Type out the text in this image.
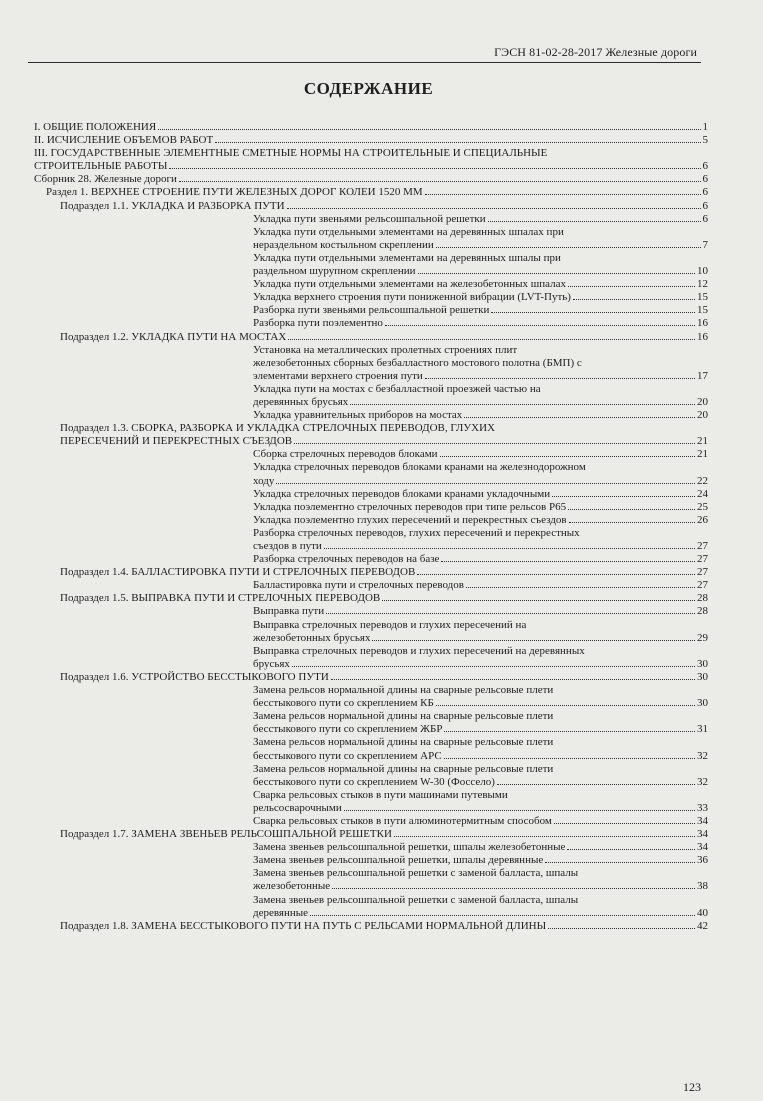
ГЭСН 81-02-28-2017 Железные дороги
СОДЕРЖАНИЕ
I. ОБЩИЕ ПОЛОЖЕНИЯ	1
II. ИСЧИСЛЕНИЕ ОБЪЕМОВ РАБОТ	5
III. ГОСУДАРСТВЕННЫЕ ЭЛЕМЕНТНЫЕ СМЕТНЫЕ НОРМЫ НА СТРОИТЕЛЬНЫЕ И СПЕЦИАЛЬНЫЕ
СТРОИТЕЛЬНЫЕ РАБОТЫ	6
Сборник 28. Железные дороги	6
Раздел 1. ВЕРХНЕЕ СТРОЕНИЕ ПУТИ ЖЕЛЕЗНЫХ ДОРОГ КОЛЕИ 1520 ММ	6
Подраздел 1.1. УКЛАДКА И РАЗБОРКА ПУТИ	6
Укладка пути звеньями рельсошпальной решетки	6
Укладка пути отдельными элементами на деревянных шпалах при
нераздельном костыльном скреплении	7
Укладка пути отдельными элементами на деревянных шпалы при
раздельном шурупном скреплении	10
Укладка пути отдельными элементами на железобетонных шпалах	12
Укладка верхнего строения пути пониженной вибрации (LVT-Путь)	15
Разборка пути звеньями рельсошпальной решетки	15
Разборка пути поэлементно	16
Подраздел 1.2. УКЛАДКА ПУТИ НА МОСТАХ	16
Установка на металлических пролетных строениях плит
железобетонных сборных безбалластного мостового полотна (БМП) с
элементами верхнего строения пути	17
Укладка пути на мостах с безбалластной проезжей частью на
деревянных брусьях	20
Укладка уравнительных приборов на мостах	20
Подраздел 1.3. СБОРКА, РАЗБОРКА И УКЛАДКА СТРЕЛОЧНЫХ ПЕРЕВОДОВ, ГЛУХИХ
ПЕРЕСЕЧЕНИЙ И ПЕРЕКРЕСТНЫХ СЪЕЗДОВ	21
Сборка стрелочных переводов блоками	21
Укладка стрелочных переводов блоками кранами на железнодорожном
ходу	22
Укладка стрелочных переводов блоками кранами укладочными	24
Укладка поэлементно стрелочных переводов при типе рельсов Р65	25
Укладка поэлементно глухих пересечений и перекрестных съездов	26
Разборка стрелочных переводов, глухих пересечений и перекрестных
съездов в пути	27
Разборка стрелочных переводов на базе	27
Подраздел 1.4. БАЛЛАСТИРОВКА ПУТИ И СТРЕЛОЧНЫХ ПЕРЕВОДОВ	27
Балластировка пути и стрелочных переводов	27
Подраздел 1.5. ВЫПРАВКА ПУТИ И СТРЕЛОЧНЫХ ПЕРЕВОДОВ	28
Выправка пути	28
Выправка стрелочных переводов и глухих пересечений на
железобетонных брусьях	29
Выправка стрелочных переводов и глухих пересечений на деревянных
брусьях	30
Подраздел 1.6. УСТРОЙСТВО БЕССТЫКОВОГО ПУТИ	30
Замена рельсов нормальной длины на сварные рельсовые плети
бесстыкового пути со скреплением КБ	30
Замена рельсов нормальной длины на сварные рельсовые плети
бесстыкового пути со скреплением ЖБР	31
Замена рельсов нормальной длины на сварные рельсовые плети
бесстыкового пути со скреплением АРС	32
Замена рельсов нормальной длины на сварные рельсовые плети
бесстыкового пути со скреплением W-30 (Фоссело)	32
Сварка рельсовых стыков в пути машинами путевыми
рельсосварочными	33
Сварка рельсовых стыков в пути алюминотермитным способом	34
Подраздел 1.7. ЗАМЕНА ЗВЕНЬЕВ РЕЛЬСОШПАЛЬНОЙ РЕШЕТКИ	34
Замена звеньев рельсошпальной решетки, шпалы железобетонные	34
Замена звеньев рельсошпальной решетки, шпалы деревянные	36
Замена звеньев рельсошпальной решетки с заменой балласта, шпалы
железобетонные	38
Замена звеньев рельсошпальной решетки с заменой балласта, шпалы
деревянные	40
Подраздел 1.8. ЗАМЕНА БЕССТЫКОВОГО ПУТИ НА ПУТЬ С РЕЛЬСАМИ НОРМАЛЬНОЙ ДЛИНЫ	42
123
